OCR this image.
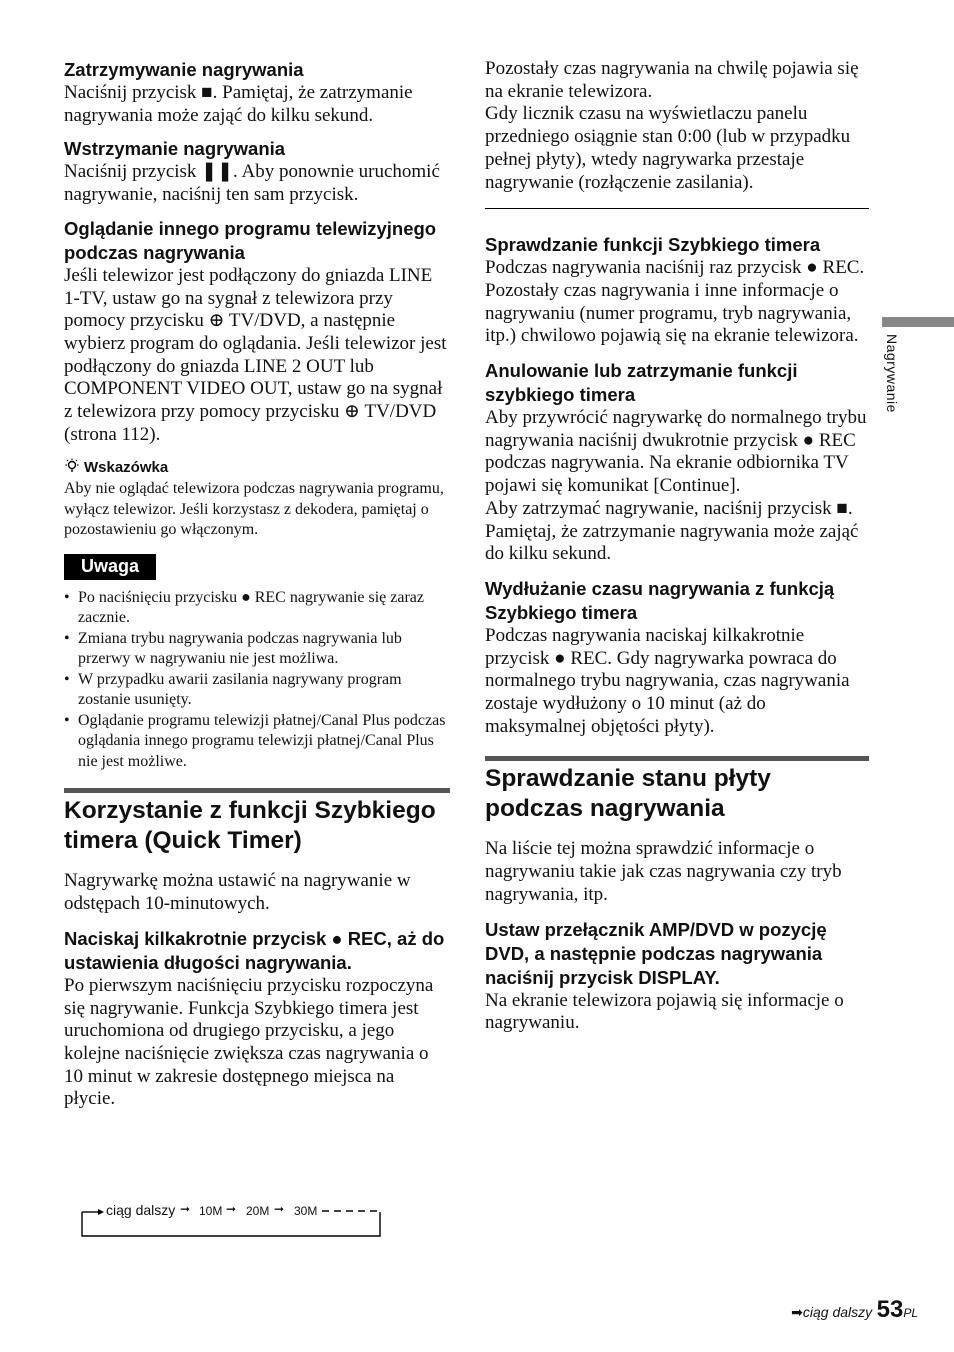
Zatrzymywanie nagrywania
Naciśnij przycisk ■. Pamiętaj, że zatrzymanie nagrywania może zająć do kilku sekund.
Wstrzymanie nagrywania
Naciśnij przycisk ❚❚. Aby ponownie uruchomić nagrywanie, naciśnij ten sam przycisk.
Oglądanie innego programu telewizyjnego podczas nagrywania
Jeśli telewizor jest podłączony do gniazda LINE 1-TV, ustaw go na sygnał z telewizora przy pomocy przycisku ⊕ TV/DVD, a następnie wybierz program do oglądania. Jeśli telewizor jest podłączony do gniazda LINE 2 OUT lub COMPONENT VIDEO OUT, ustaw go na sygnał z telewizora przy pomocy przycisku ⊕ TV/DVD (strona 112).
Wskazówka
Aby nie oglądać telewizora podczas nagrywania programu, wyłącz telewizor. Jeśli korzystasz z dekodera, pamiętaj o pozostawieniu go włączonym.
Uwaga
• Po naciśnięciu przycisku ● REC nagrywanie się zaraz zacznie.
• Zmiana trybu nagrywania podczas nagrywania lub przerwy w nagrywaniu nie jest możliwa.
• W przypadku awarii zasilania nagrywany program zostanie usunięty.
• Oglądanie programu telewizji płatnej/Canal Plus podczas oglądania innego programu telewizji płatnej/Canal Plus nie jest możliwe.
Korzystanie z funkcji Szybkiego timera (Quick Timer)
Nagrywarkę można ustawić na nagrywanie w odstępach 10-minutowych.
Naciskaj kilkakrotnie przycisk ● REC, aż do ustawienia długości nagrywania.
Po pierwszym naciśnięciu przycisku rozpoczyna się nagrywanie. Funkcja Szybkiego timera jest uruchomiona od drugiego przycisku, a jego kolejne naciśnięcie zwiększa czas nagrywania o 10 minut w zakresie dostępnego miejsca na płycie.
ciąg dalszy ➞ 10M ➞ 20M ➞ 30M
Pozostały czas nagrywania na chwilę pojawia się na ekranie telewizora.
Gdy licznik czasu na wyświetlaczu panelu przedniego osiągnie stan 0:00 (lub w przypadku pełnej płyty), wtedy nagrywarka przestaje nagrywanie (rozłączenie zasilania).
Sprawdzanie funkcji Szybkiego timera
Podczas nagrywania naciśnij raz przycisk ● REC. Pozostały czas nagrywania i inne informacje o nagrywaniu (numer programu, tryb nagrywania, itp.) chwilowo pojawią się na ekranie telewizora.
Anulowanie lub zatrzymanie funkcji szybkiego timera
Aby przywrócić nagrywarkę do normalnego trybu nagrywania naciśnij dwukrotnie przycisk ● REC podczas nagrywania. Na ekranie odbiornika TV pojawi się komunikat [Continue].
Aby zatrzymać nagrywanie, naciśnij przycisk ■. Pamiętaj, że zatrzymanie nagrywania może zająć do kilku sekund.
Wydłużanie czasu nagrywania z funkcją Szybkiego timera
Podczas nagrywania naciskaj kilkakrotnie przycisk ● REC. Gdy nagrywarka powraca do normalnego trybu nagrywania, czas nagrywania zostaje wydłużony o 10 minut (aż do maksymalnej objętości płyty).
Sprawdzanie stanu płyty podczas nagrywania
Na liście tej można sprawdzić informacje o nagrywaniu takie jak czas nagrywania czy tryb nagrywania, itp.
Ustaw przełącznik AMP/DVD w pozycję DVD, a następnie podczas nagrywania naciśnij przycisk DISPLAY.
Na ekranie telewizora pojawią się informacje o nagrywaniu.
Nagrywanie
➡ciąg dalszy 53PL
